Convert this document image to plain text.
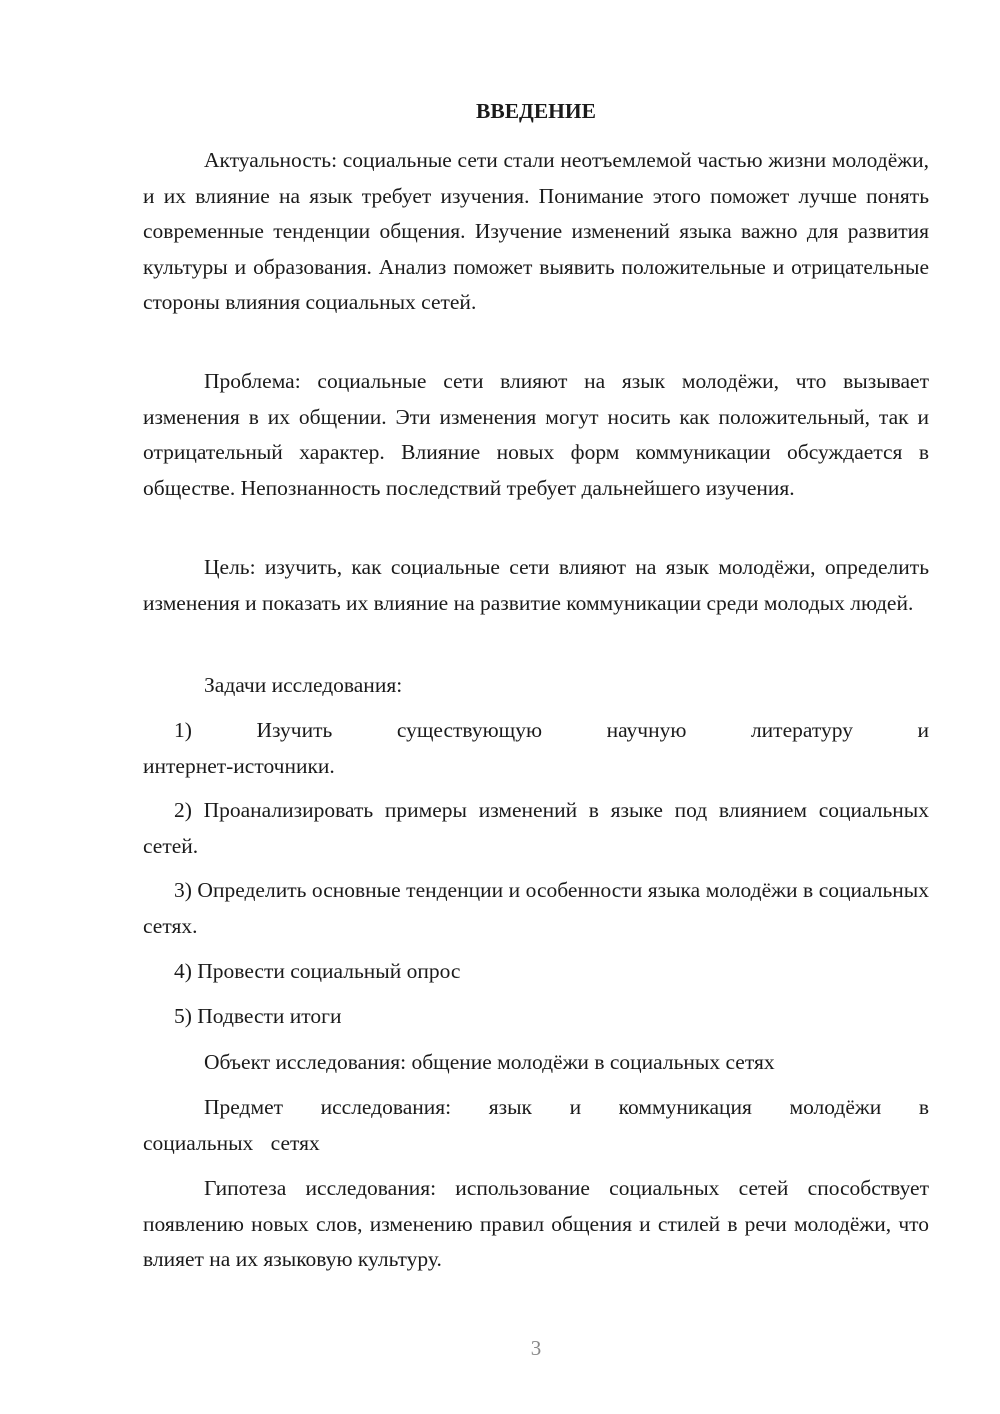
ВВЕДЕНИЕ

Актуальность: социальные сети стали неотъемлемой частью жизни молодёжи, и их влияние на язык требует изучения. Понимание этого поможет лучше понять современные тенденции общения. Изучение изменений языка важно для развития культуры и образования. Анализ поможет выявить положительные и отрицательные стороны влияния социальных сетей.

Проблема: социальные сети влияют на язык молодёжи, что вызывает изменения в их общении. Эти изменения могут носить как положительный, так и отрицательный характер. Влияние новых форм коммуникации обсуждается в обществе. Непознанность последствий требует дальнейшего изучения.

Цель: изучить, как социальные сети влияют на язык молодёжи, определить изменения и показать их влияние на развитие коммуникации среди молодых людей.

Задачи исследования:

1) Изучить существующую научную литературу и интернет-источники.

2) Проанализировать примеры изменений в языке под влиянием социальных сетей.

3) Определить основные тенденции и особенности языка молодёжи в социальных сетях.

4) Провести социальный опрос

5) Подвести итоги

Объект исследования: общение молодёжи в социальных сетях

Предмет исследования: язык и коммуникация молодёжи в социальных сетях

Гипотеза исследования: использование социальных сетей способствует появлению новых слов, изменению правил общения и стилей в речи молодёжи, что влияет на их языковую культуру.

3
